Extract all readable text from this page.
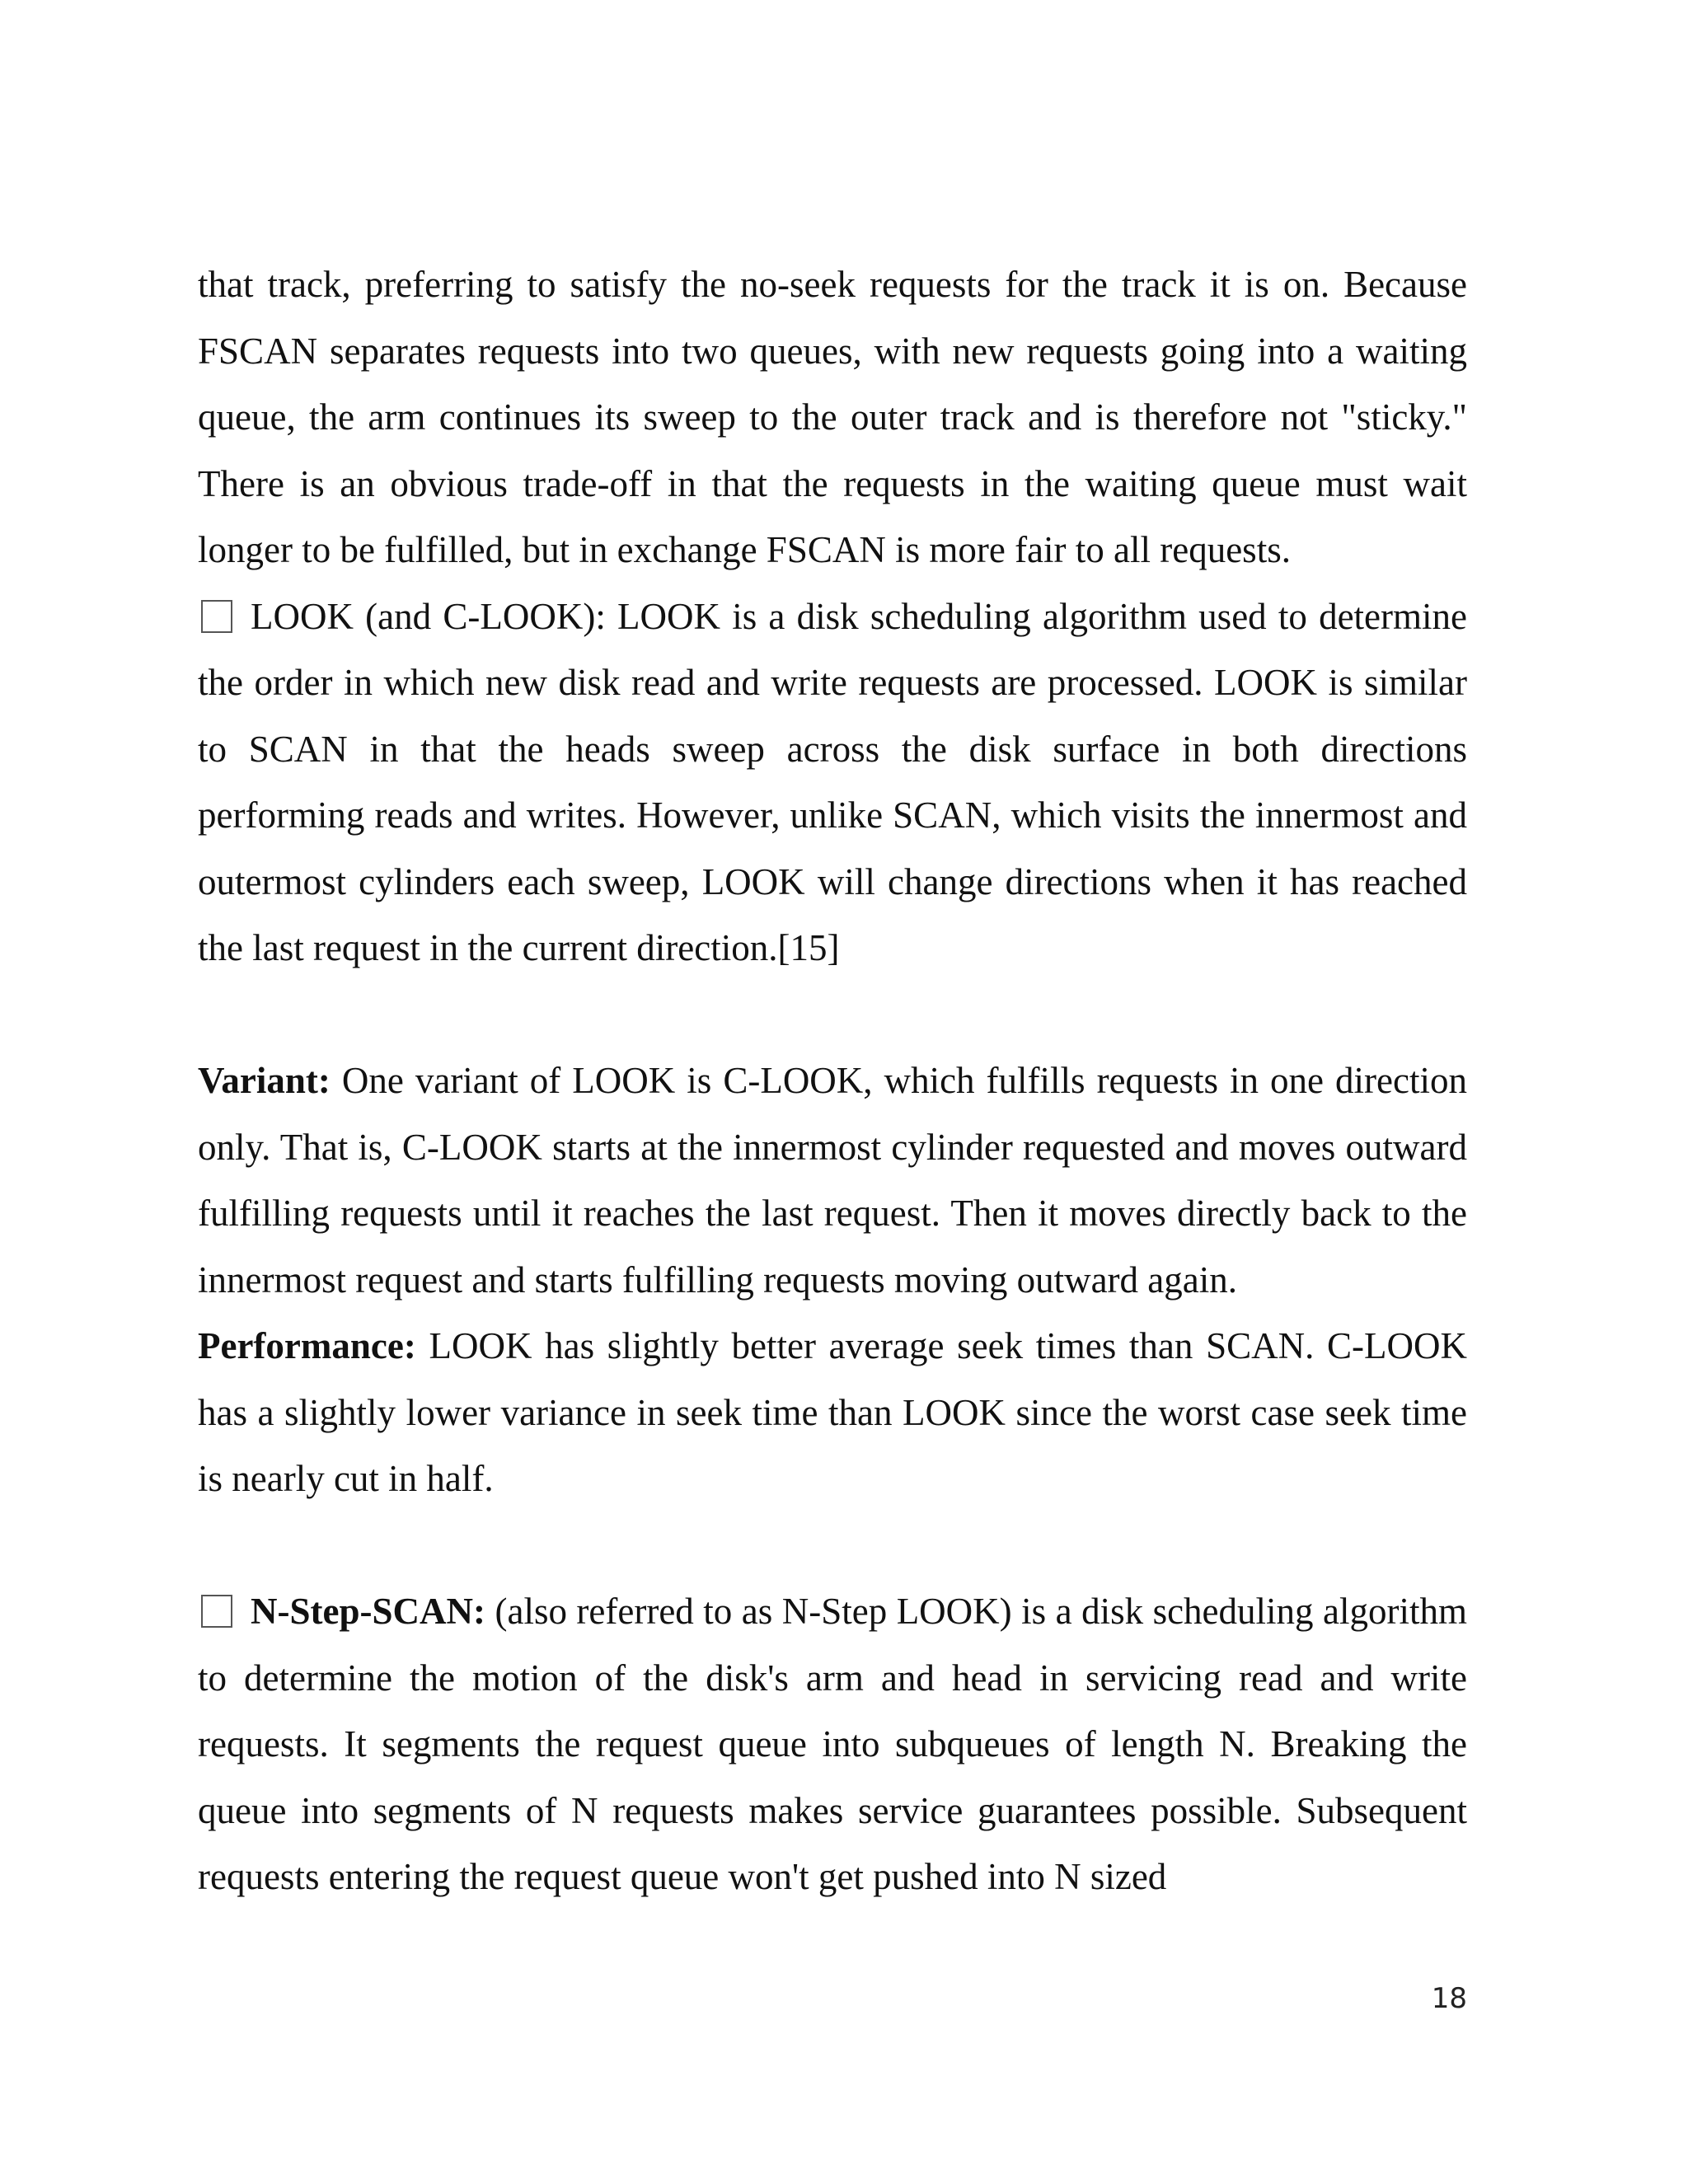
that track, preferring to satisfy the no-seek requests for the track it is on. Because FSCAN separates requests into two queues, with new requests going into a waiting queue, the arm continues its sweep to the outer track and is therefore not "sticky." There is an obvious trade-off in that the requests in the waiting queue must wait longer to be fulfilled, but in exchange FSCAN is more fair to all requests.

LOOK (and C-LOOK): LOOK is a disk scheduling algorithm used to determine the order in which new disk read and write requests are processed. LOOK is similar to SCAN in that the heads sweep across the disk surface in both directions performing reads and writes. However, unlike SCAN, which visits the innermost and outermost cylinders each sweep, LOOK will change directions when it has reached the last request in the current direction.[15]

Variant: One variant of LOOK is C-LOOK, which fulfills requests in one direction only. That is, C-LOOK starts at the innermost cylinder requested and moves outward fulfilling requests until it reaches the last request. Then it moves directly back to the innermost request and starts fulfilling requests moving outward again.

Performance: LOOK has slightly better average seek times than SCAN. C-LOOK has a slightly lower variance in seek time than LOOK since the worst case seek time is nearly cut in half.

N-Step-SCAN: (also referred to as N-Step LOOK) is a disk scheduling algorithm to determine the motion of the disk's arm and head in servicing read and write requests. It segments the request queue into subqueues of length N. Breaking the queue into segments of N requests makes service guarantees possible. Subsequent requests entering the request queue won't get pushed into N sized

18
